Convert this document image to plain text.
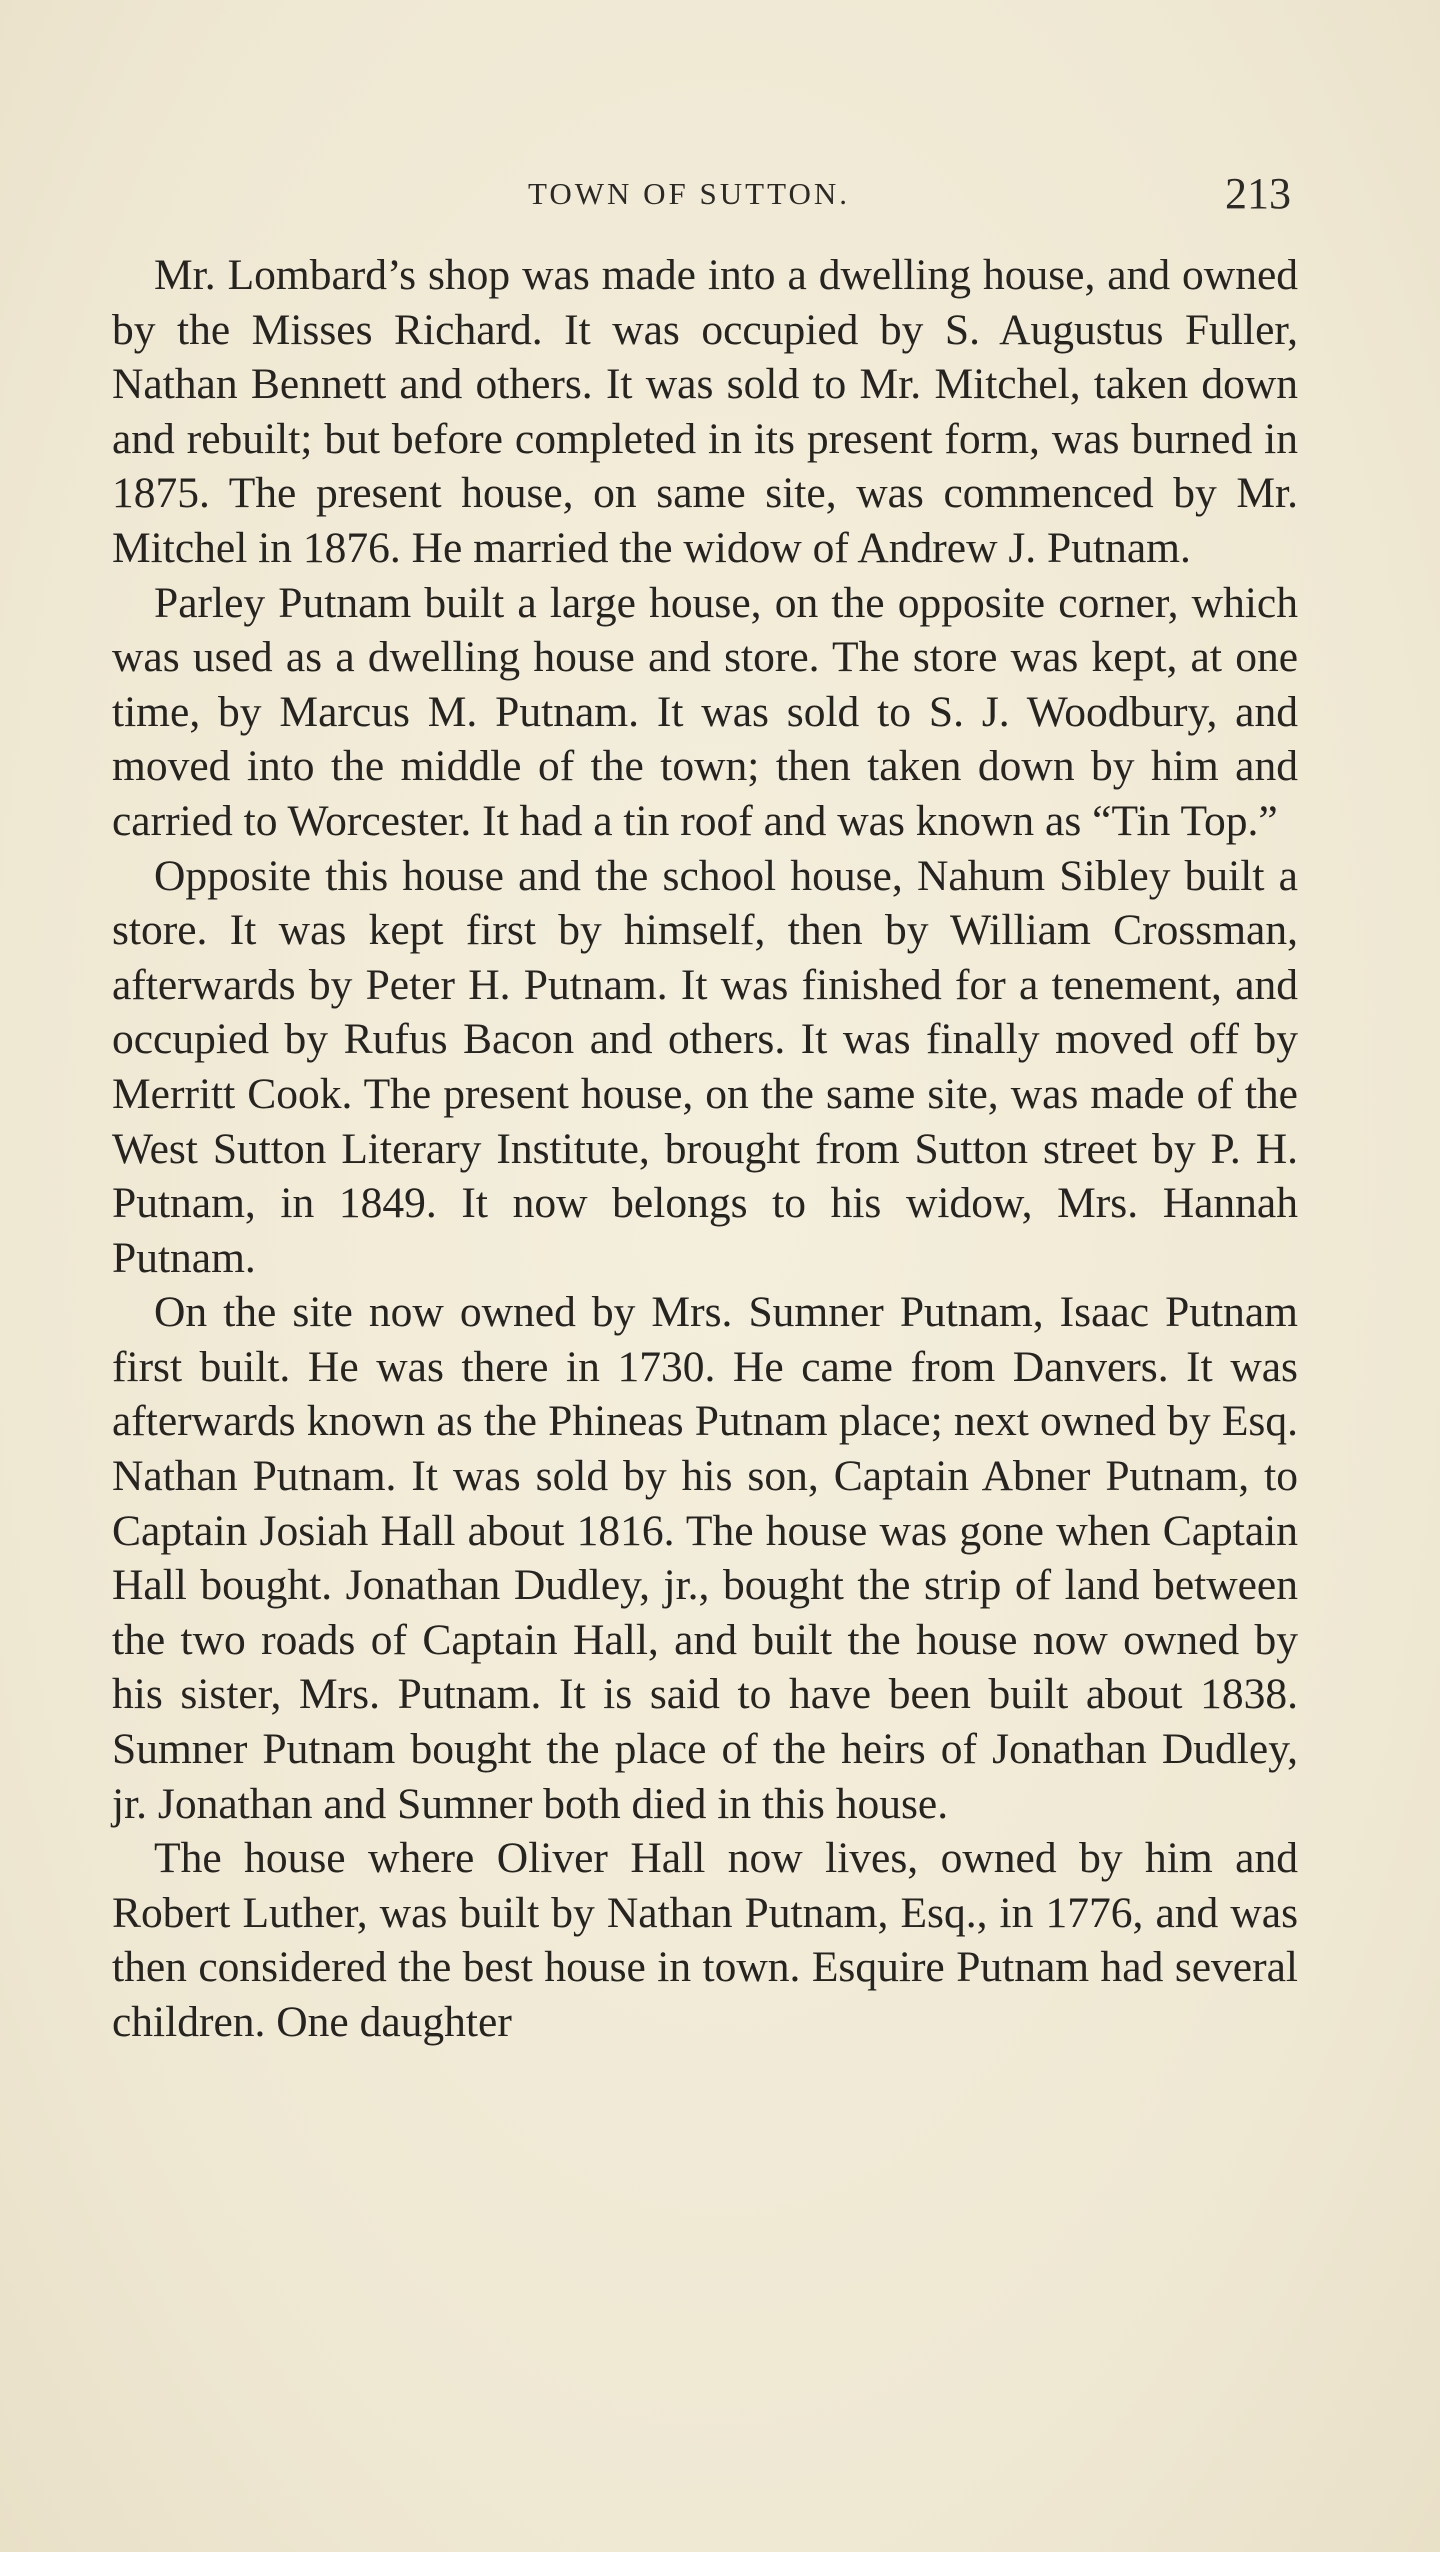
TOWN OF SUTTON.	213

Mr. Lombard’s shop was made into a dwelling house, and owned by the Misses Richard. It was occupied by S. Augustus Fuller, Nathan Bennett and others. It was sold to Mr. Mitchel, taken down and rebuilt; but before completed in its present form, was burned in 1875. The present house, on same site, was commenced by Mr. Mitchel in 1876. He married the widow of Andrew J. Putnam.

Parley Putnam built a large house, on the opposite corner, which was used as a dwelling house and store. The store was kept, at one time, by Marcus M. Putnam. It was sold to S. J. Woodbury, and moved into the middle of the town; then taken down by him and carried to Worcester. It had a tin roof and was known as “Tin Top.”

Opposite this house and the school house, Nahum Sibley built a store. It was kept first by himself, then by William Crossman, afterwards by Peter H. Putnam. It was finished for a tenement, and occupied by Rufus Bacon and others. It was finally moved off by Merritt Cook. The present house, on the same site, was made of the West Sutton Literary Institute, brought from Sutton street by P. H. Putnam, in 1849. It now belongs to his widow, Mrs. Hannah Putnam.

On the site now owned by Mrs. Sumner Putnam, Isaac Putnam first built. He was there in 1730. He came from Danvers. It was afterwards known as the Phineas Putnam place; next owned by Esq. Nathan Putnam. It was sold by his son, Captain Abner Putnam, to Captain Josiah Hall about 1816. The house was gone when Captain Hall bought. Jonathan Dudley, jr., bought the strip of land between the two roads of Captain Hall, and built the house now owned by his sister, Mrs. Putnam. It is said to have been built about 1838. Sumner Putnam bought the place of the heirs of Jonathan Dudley, jr. Jonathan and Sumner both died in this house.

The house where Oliver Hall now lives, owned by him and Robert Luther, was built by Nathan Putnam, Esq., in 1776, and was then considered the best house in town. Esquire Putnam had several children. One daughter
